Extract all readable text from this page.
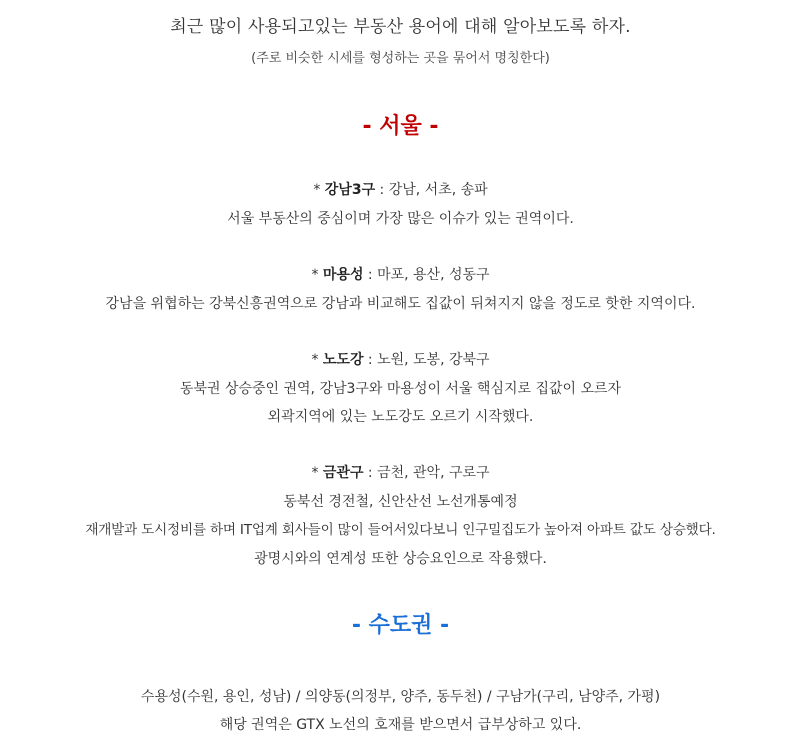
최근 많이 사용되고있는 부동산 용어에 대해 알아보도록 하자.
(주로 비슷한 시세를 형성하는 곳을 묶어서 명칭한다)
- 서울 -
* 강남3구 : 강남, 서초, 송파
서울 부동산의 중심이며 가장 많은 이슈가 있는 권역이다.
* 마용성 : 마포, 용산, 성동구
강남을 위협하는 강북신흥권역으로 강남과 비교해도 집값이 뒤쳐지지 않을 정도로 핫한 지역이다.
* 노도강 : 노원, 도봉, 강북구
동북권 상승중인 권역, 강남3구와 마용성이 서울 핵심지로 집값이 오르자
외곽지역에 있는 노도강도 오르기 시작했다.
* 금관구 : 금천, 관악, 구로구
동북선 경전철, 신안산선 노선개통예정
재개발과 도시정비를 하며 IT업계 회사들이 많이 들어서있다보니 인구밀집도가 높아져 아파트 값도 상승했다.
광명시와의 연계성 또한 상승요인으로 작용했다.
- 수도권 -
수용성(수원, 용인, 성남) / 의양동(의정부, 양주, 동두천) / 구남가(구리, 남양주, 가평)
해당 권역은 GTX 노선의 호재를 받으면서 급부상하고 있다.
